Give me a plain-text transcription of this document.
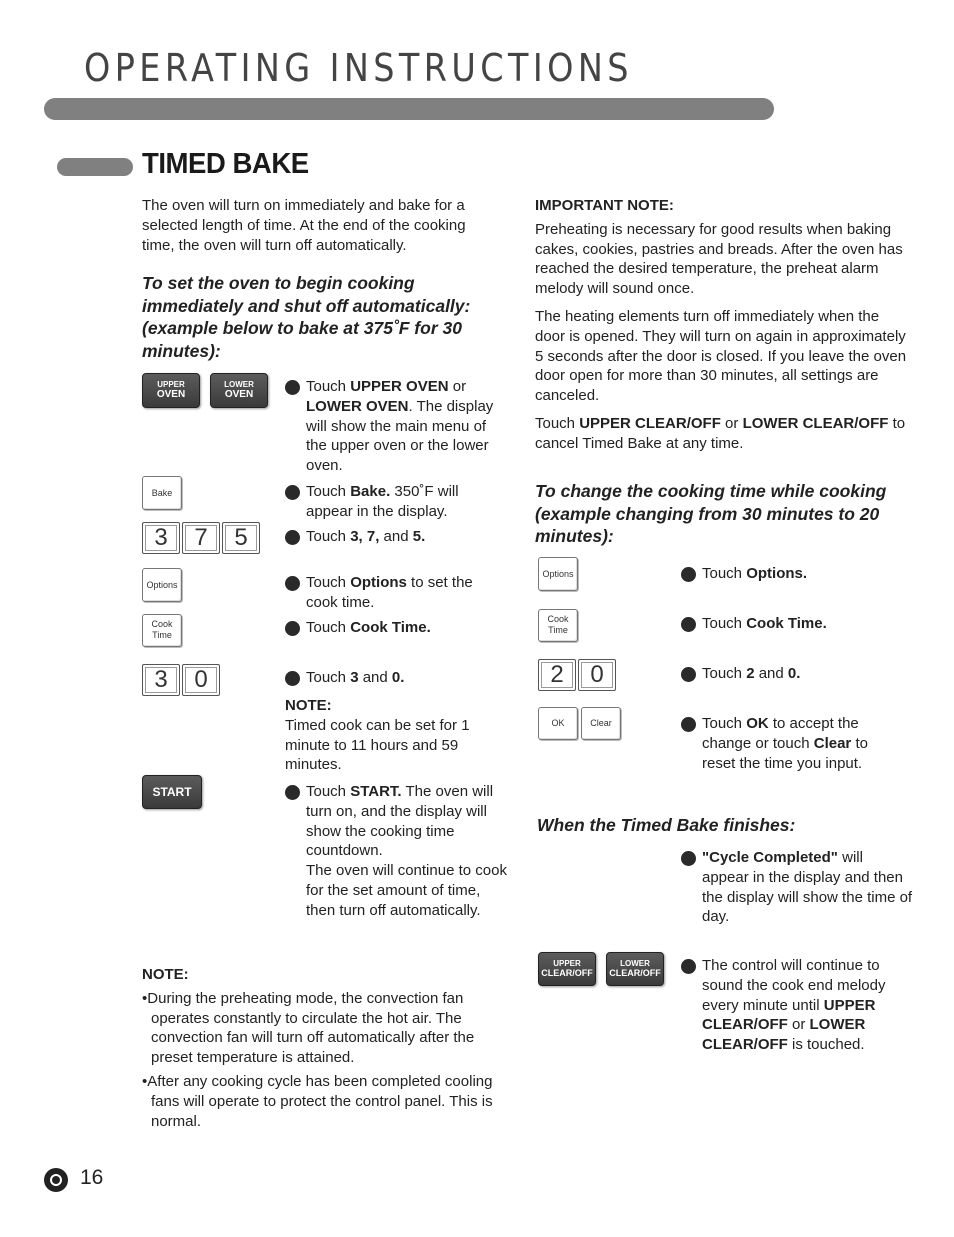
OPERATING INSTRUCTIONS
TIMED BAKE
The oven will turn on immediately and bake for a selected length of time. At the end of the cooking time, the oven will turn off automatically.
To set the oven to begin cooking immediately and shut off automatically: (example below to bake at 375˚F for 30 minutes):
UPPER
OVEN
LOWER
OVEN
Bake
3	7	5
Options
Cook
Time
3	0
START
1 Touch UPPER OVEN or LOWER OVEN. The display will show the main menu of the upper oven or the lower oven.
2 Touch Bake. 350˚F will appear in the display.
3 Touch 3, 7, and 5.
4 Touch Options to set the cook time.
5 Touch Cook Time.
6 Touch 3 and 0.
NOTE:
Timed cook can be set for 1 minute to 11 hours and 59 minutes.
7 Touch START. The oven will turn on, and the display will show the cooking time countdown.
The oven will continue to cook for the set amount of time, then turn off automatically.
NOTE:
•During the preheating mode, the convection fan operates constantly to circulate the hot air. The convection fan will turn off automatically after the preset temperature is attained.
•After any cooking cycle has been completed cooling fans will operate to protect the control panel. This is normal.
IMPORTANT NOTE:
Preheating is necessary for good results when baking cakes, cookies, pastries and breads. After the oven has reached the desired temperature, the preheat alarm melody will sound once.
The heating elements turn off immediately when the door is opened. They will turn on again in approximately 5 seconds after the door is closed. If you leave the oven door open for more than 30 minutes, all settings are canceled.
Touch UPPER CLEAR/OFF or LOWER CLEAR/OFF to cancel Timed Bake at any time.
To change the cooking time while cooking (example changing from 30 minutes to 20 minutes):
Options
Cook
Time
2	0
OK	Clear
1 Touch Options.
2 Touch Cook Time.
3 Touch 2 and 0.
4 Touch OK to accept the change or touch Clear to reset the time you input.
When the Timed Bake finishes:
1 "Cycle Completed" will appear in the display and then the display will show the time of day.
UPPER
CLEAR/OFF
LOWER
CLEAR/OFF
2 The control will continue to sound the cook end melody every minute until UPPER CLEAR/OFF or LOWER CLEAR/OFF is touched.
16
